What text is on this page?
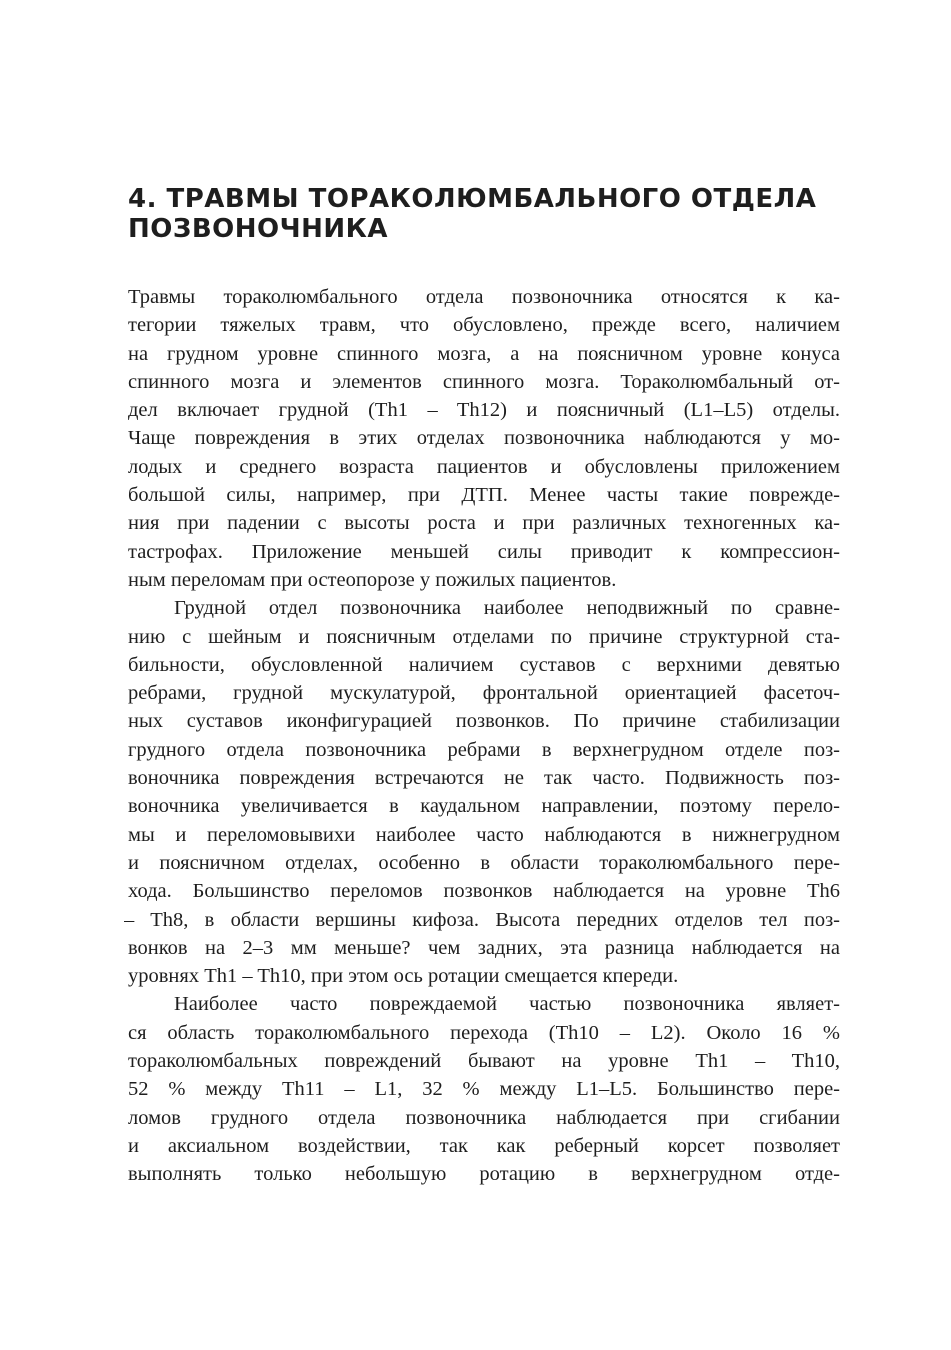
4. ТРАВМЫ ТОРАКОЛЮМБАЛЬНОГО ОТДЕЛА
ПОЗВОНОЧНИКА
Травмы тораколюмбального отдела позвоночника относятся к ка-
тегории тяжелых травм, что обусловлено, прежде всего, наличием
на грудном уровне спинного мозга, а на поясничном уровне конуса
спинного мозга и элементов спинного мозга. Тораколюмбальный от-
дел включает грудной (Th1 – Th12) и поясничный (L1–L5) отделы.
Чаще повреждения в этих отделах позвоночника наблюдаются у мо-
лодых и среднего возраста пациентов и обусловлены приложением
большой силы, например, при ДТП. Менее часты такие поврежде-
ния при падении с высоты роста и при различных техногенных ка-
тастрофах. Приложение меньшей силы приводит к компрессион-
ным переломам при остеопорозе у пожилых пациентов.
Грудной отдел позвоночника наиболее неподвижный по сравне-
нию с шейным и поясничным отделами по причине структурной ста-
бильности, обусловленной наличием суставов с верхними девятью
ребрами, грудной мускулатурой, фронтальной ориентацией фасеточ-
ных суставов иконфигурацией позвонков. По причине стабилизации
грудного отдела позвоночника ребрами в верхнегрудном отделе поз-
воночника повреждения встречаются не так часто. Подвижность поз-
воночника увеличивается в каудальном направлении, поэтому перело-
мы и переломовывихи наиболее часто наблюдаются в нижнегрудном
и поясничном отделах, особенно в области тораколюмбального пере-
хода. Большинство переломов позвонков наблюдается на уровне Th6
– Th8, в области вершины кифоза. Высота передних отделов тел поз-
вонков на 2–3 мм меньше? чем задних, эта разница наблюдается на
уровнях Th1 – Th10, при этом ось ротации смещается кпереди.
Наиболее часто повреждаемой частью позвоночника являет-
ся область тораколюмбального перехода (Th10 – L2). Около 16 %
тораколюмбальных повреждений бывают на уровне Th1 – Th10,
52 % между Th11 – L1, 32 % между L1–L5. Большинство пере-
ломов грудного отдела позвоночника наблюдается при сгибании
и аксиальном воздействии, так как реберный корсет позволяет
выполнять только небольшую ротацию в верхнегрудном отде-
